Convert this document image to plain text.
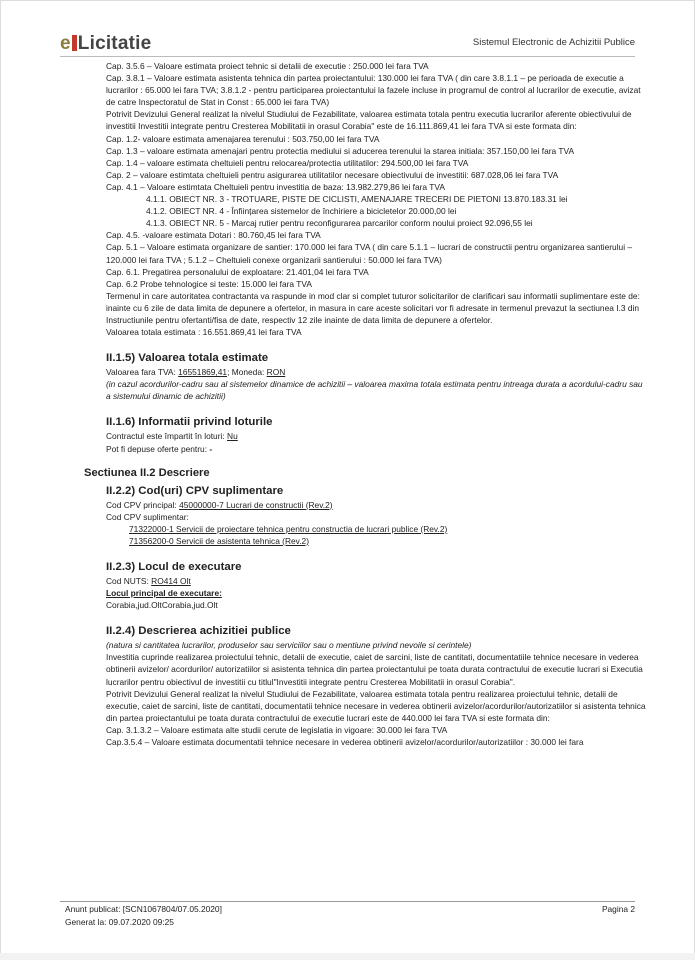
e Licitatie	Sistemul Electronic de Achizitii Publice

Cap. 3.5.6 – Valoare estimata proiect tehnic si detalii de executie : 250.000 lei fara TVA

Cap. 3.8.1 – Valoare estimata asistenta tehnica din partea proiectantului: 130.000 lei fara TVA ( din care 3.8.1.1 – pe perioada de executie a lucrarilor : 65.000 lei fara TVA; 3.8.1.2 - pentru participarea proiectantului la fazele incluse in programul de control al lucrarilor de executie, avizat de catre Inspectoratul de Stat in Const : 65.000 lei fara TVA)

Potrivit Devizului General realizat la nivelul Studiului de Fezabilitate, valoarea estimata totala pentru executia lucrarilor aferente obiectivului de investitii Investitii integrate pentru Cresterea Mobilitatii in orasul Corabia" este de 16.111.869,41 lei fara TVA si este formata din:

Cap. 1.2- valoare estimata amenajarea terenului : 503.750,00 lei fara TVA

Cap. 1.3 – valoare estimata amenajari pentru protectia mediului si aducerea terenului la starea initiala: 357.150,00 lei fara TVA

Cap. 1.4 – valoare estimata cheltuieli pentru relocarea/protectia utilitatilor: 294.500,00 lei fara TVA

Cap. 2 – valoare estimtata cheltuieli pentru asigurarea utilitatilor necesare obiectivului de investitii: 687.028,06 lei fara TVA

Cap. 4.1 – Valoare estimtata Cheltuieli pentru investitia de baza: 13.982.279,86 lei fara TVA

4.1.1. OBIECT NR. 3 - TROTUARE, PISTE DE CICLISTI, AMENAJARE TRECERI DE PIETONI 13.870.183.31 lei

4.1.2. OBIECT NR. 4 - Înființarea sistemelor de închiriere a bicicletelor 20.000,00 lei

4.1.3. OBIECT NR. 5 - Marcaj rutier pentru reconfigurarea parcarilor conform noului proiect 92.096,55 lei

Cap. 4.5. -valoare estimata Dotari : 80.760,45 lei fara TVA

Cap. 5.1 – Valoare estimata organizare de santier: 170.000 lei fara TVA ( din care 5.1.1 – lucrari de constructii pentru organizarea santierului – 120.000 lei fara TVA ; 5.1.2 – Cheltuieli conexe organizarii santierului : 50.000 lei fara TVA)

Cap. 6.1. Pregatirea personalului de exploatare: 21.401,04 lei fara TVA

Cap. 6.2 Probe tehnologice si teste: 15.000 lei fara TVA

Termenul in care autoritatea contractanta va raspunde in mod clar si complet tuturor solicitarilor de clarificari sau informatii suplimentare este de: inainte cu 6 zile de data limita de depunere a ofertelor, in masura in care aceste solicitari vor fi adresate in termenul prevazut la sectiunea I.3 din Instructiunile pentru ofertanti/fisa de date, respectiv 12 zile inainte de data limita de depunere a ofertelor.

Valoarea totala estimata : 16.551.869,41 lei fara TVA

II.1.5) Valoarea totala estimate

Valoarea fara TVA: 16551869,41; Moneda: RON

(in cazul acordurilor-cadru sau al sistemelor dinamice de achizitii – valoarea maxima totala estimata pentru intreaga durata a acordului-cadru sau a sistemului dinamic de achizitii)

II.1.6) Informatii privind loturile

Contractul este împartit în loturi: Nu

Pot fi depuse oferte pentru: -

Sectiunea II.2 Descriere
II.2.2) Cod(uri) CPV suplimentare

Cod CPV principal: 45000000-7 Lucrari de constructii (Rev.2)

Cod CPV suplimentar:

71322000-1 Servicii de proiectare tehnica pentru constructia de lucrari publice (Rev.2)

71356200-0 Servicii de asistenta tehnica (Rev.2)

II.2.3) Locul de executare

Cod NUTS: RO414 Olt

Locul principal de executare:

Corabia,jud.OltCorabia,jud.Olt

II.2.4) Descrierea achizitiei publice

(natura si cantitatea lucrarilor, produselor sau serviciilor sau o mentiune privind nevoile si cerintele)

Investitia cuprinde realizarea proiectului tehnic, detalii de executie, caiet de sarcini, liste de cantitati, documentatiile tehnice necesare in vederea obtinerii avizelor/ acordurilor/ autorizatiilor si asistenta tehnica din partea proiectantului pe toata durata contractului de executie lucrari si Executia lucrarilor pentru obiectivul de investitii cu titlul"Investitii integrate pentru Cresterea Mobilitatii in orasul Corabia".

Potrivit Devizului General realizat la nivelul Studiului de Fezabilitate, valoarea estimata totala pentru realizarea proiectului tehnic, detalii de executie, caiet de sarcini, liste de cantitati, documentatii tehnice necesare in vederea obtinerii avizelor/acordurilor/autorizatiilor si asistenta tehnica din partea proiectantului pe toata durata contractului de executie lucrari este de 440.000 lei fara TVA si este formata din:

Cap. 3.1.3.2 – Valoare estimata alte studii cerute de legislatia in vigoare: 30.000 lei fara TVA

Cap.3.5.4 – Valoare estimata documentatii tehnice necesare in vederea obtinerii avizelor/acordurilor/autorizatiilor : 30.000 lei fara

Anunt publicat: [SCN1067804/07.05.2020]
Generat la: 09.07.2020 09:25
Pagina 2
